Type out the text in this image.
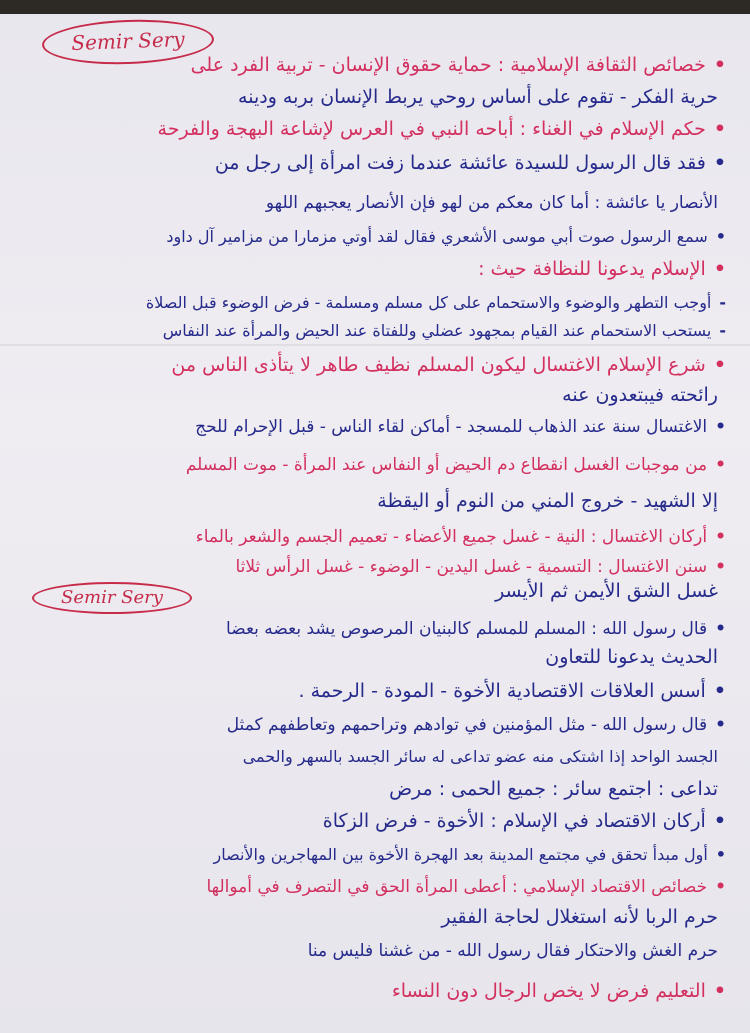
Semir Sery
Semir Sery
•خصائص الثقافة الإسلامية : حماية حقوق الإنسان - تربية الفرد على
حرية الفكر - تقوم على أساس روحي يربط الإنسان بربه ودينه
•حكم الإسلام في الغناء : أباحه النبي في العرس لإشاعة البهجة والفرحة
•فقد قال الرسول للسيدة عائشة عندما زفت امرأة إلى رجل من
الأنصار يا عائشة : أما كان معكم من لهو فإن الأنصار يعجبهم اللهو
•سمع الرسول صوت أبي موسى الأشعري فقال لقد أوتي مزمارا من مزامير آل داود
•الإسلام يدعونا للنظافة حيث :
-أوجب التطهر والوضوء والاستحمام على كل مسلم ومسلمة - فرض الوضوء قبل الصلاة
-يستحب الاستحمام عند القيام بمجهود عضلي وللفتاة عند الحيض والمرأة عند النفاس
•شرع الإسلام الاغتسال ليكون المسلم نظيف طاهر لا يتأذى الناس من
رائحته فيبتعدون عنه
•الاغتسال سنة عند الذهاب للمسجد - أماكن لقاء الناس - قبل الإحرام للحج
•من موجبات الغسل انقطاع دم الحيض أو النفاس عند المرأة - موت المسلم
إلا الشهيد - خروج المني من النوم أو اليقظة
•أركان الاغتسال : النية - غسل جميع الأعضاء - تعميم الجسم والشعر بالماء
•سنن الاغتسال : التسمية - غسل اليدين - الوضوء - غسل الرأس ثلاثا
غسل الشق الأيمن ثم الأيسر
•قال رسول الله : المسلم للمسلم كالبنيان المرصوص يشد بعضه بعضا
الحديث يدعونا للتعاون
•أسس العلاقات الاقتصادية الأخوة - المودة - الرحمة .
•قال رسول الله - مثل المؤمنين في توادهم وتراحمهم وتعاطفهم كمثل
الجسد الواحد إذا اشتكى منه عضو تداعى له سائر الجسد بالسهر والحمى
تداعى : اجتمع سائر : جميع الحمى : مرض
•أركان الاقتصاد في الإسلام : الأخوة - فرض الزكاة
•أول مبدأ تحقق في مجتمع المدينة بعد الهجرة الأخوة بين المهاجرين والأنصار
•خصائص الاقتصاد الإسلامي : أعطى المرأة الحق في التصرف في أموالها
حرم الربا لأنه استغلال لحاجة الفقير
حرم الغش والاحتكار فقال رسول الله - من غشنا فليس منا
•التعليم فرض لا يخص الرجال دون النساء
